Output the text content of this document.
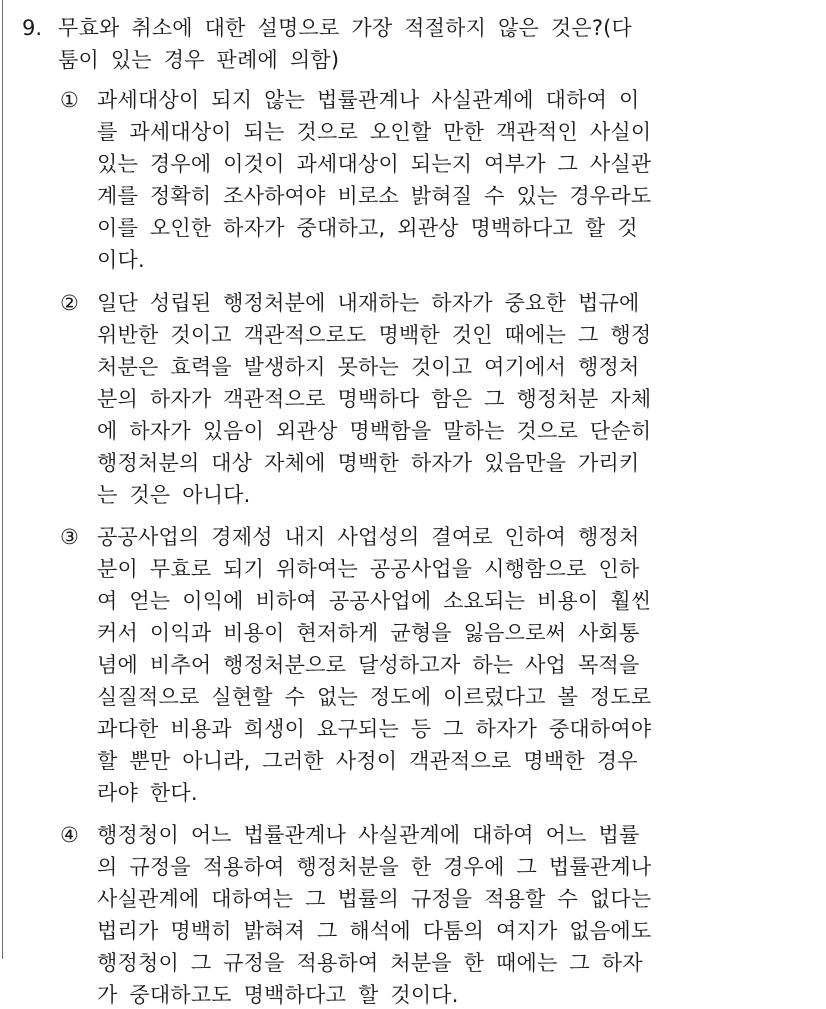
9. 무효와 취소에 대한 설명으로 가장 적절하지 않은 것은?(다
툼이 있는 경우 판례에 의함)
① 과세대상이 되지 않는 법률관계나 사실관계에 대하여 이
를 과세대상이 되는 것으로 오인할 만한 객관적인 사실이
있는 경우에 이것이 과세대상이 되는지 여부가 그 사실관
계를 정확히 조사하여야 비로소 밝혀질 수 있는 경우라도
이를 오인한 하자가 중대하고, 외관상 명백하다고 할 것
이다.
② 일단 성립된 행정처분에 내재하는 하자가 중요한 법규에
위반한 것이고 객관적으로도 명백한 것인 때에는 그 행정
처분은 효력을 발생하지 못하는 것이고 여기에서 행정처
분의 하자가 객관적으로 명백하다 함은 그 행정처분 자체
에 하자가 있음이 외관상 명백함을 말하는 것으로 단순히
행정처분의 대상 자체에 명백한 하자가 있음만을 가리키
는 것은 아니다.
③ 공공사업의 경제성 내지 사업성의 결여로 인하여 행정처
분이 무효로 되기 위하여는 공공사업을 시행함으로 인하
여 얻는 이익에 비하여 공공사업에 소요되는 비용이 훨씬
커서 이익과 비용이 현저하게 균형을 잃음으로써 사회통
념에 비추어 행정처분으로 달성하고자 하는 사업 목적을
실질적으로 실현할 수 없는 정도에 이르렀다고 볼 정도로
과다한 비용과 희생이 요구되는 등 그 하자가 중대하여야
할 뿐만 아니라, 그러한 사정이 객관적으로 명백한 경우
라야 한다.
④ 행정청이 어느 법률관계나 사실관계에 대하여 어느 법률
의 규정을 적용하여 행정처분을 한 경우에 그 법률관계나
사실관계에 대하여는 그 법률의 규정을 적용할 수 없다는
법리가 명백히 밝혀져 그 해석에 다툼의 여지가 없음에도
행정청이 그 규정을 적용하여 처분을 한 때에는 그 하자
가 중대하고도 명백하다고 할 것이다.
